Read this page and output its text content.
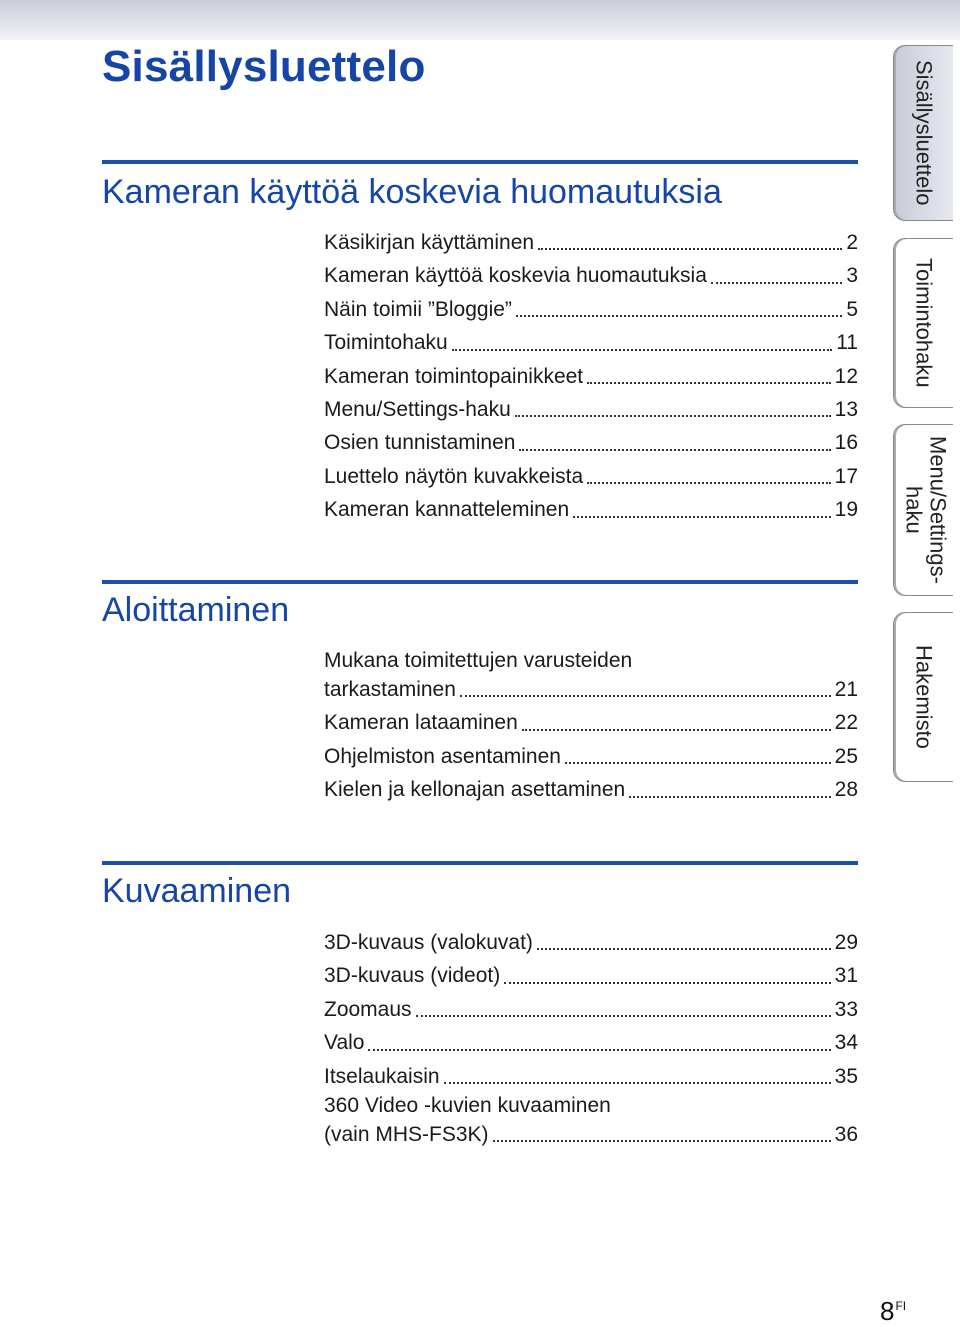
Sisällysluettelo
Kameran käyttöä koskevia huomautuksia
Käsikirjan käyttäminen	2
Kameran käyttöä koskevia huomautuksia	3
Näin toimii ”Bloggie”	5
Toimintohaku	11
Kameran toimintopainikkeet	12
Menu/Settings-haku	13
Osien tunnistaminen	16
Luettelo näytön kuvakkeista	17
Kameran kannatteleminen	19
Aloittaminen
Mukana toimitettujen varusteiden
tarkastaminen	21
Kameran lataaminen	22
Ohjelmiston asentaminen	25
Kielen ja kellonajan asettaminen	28
Kuvaaminen
3D-kuvaus (valokuvat)	29
3D-kuvaus (videot)	31
Zoomaus	33
Valo	34
Itselaukaisin	35
360 Video -kuvien kuvaaminen
(vain MHS-FS3K)	36
Sisällysluettelo
Toimintohaku
Menu/Settings-haku
Hakemisto
8 FI
